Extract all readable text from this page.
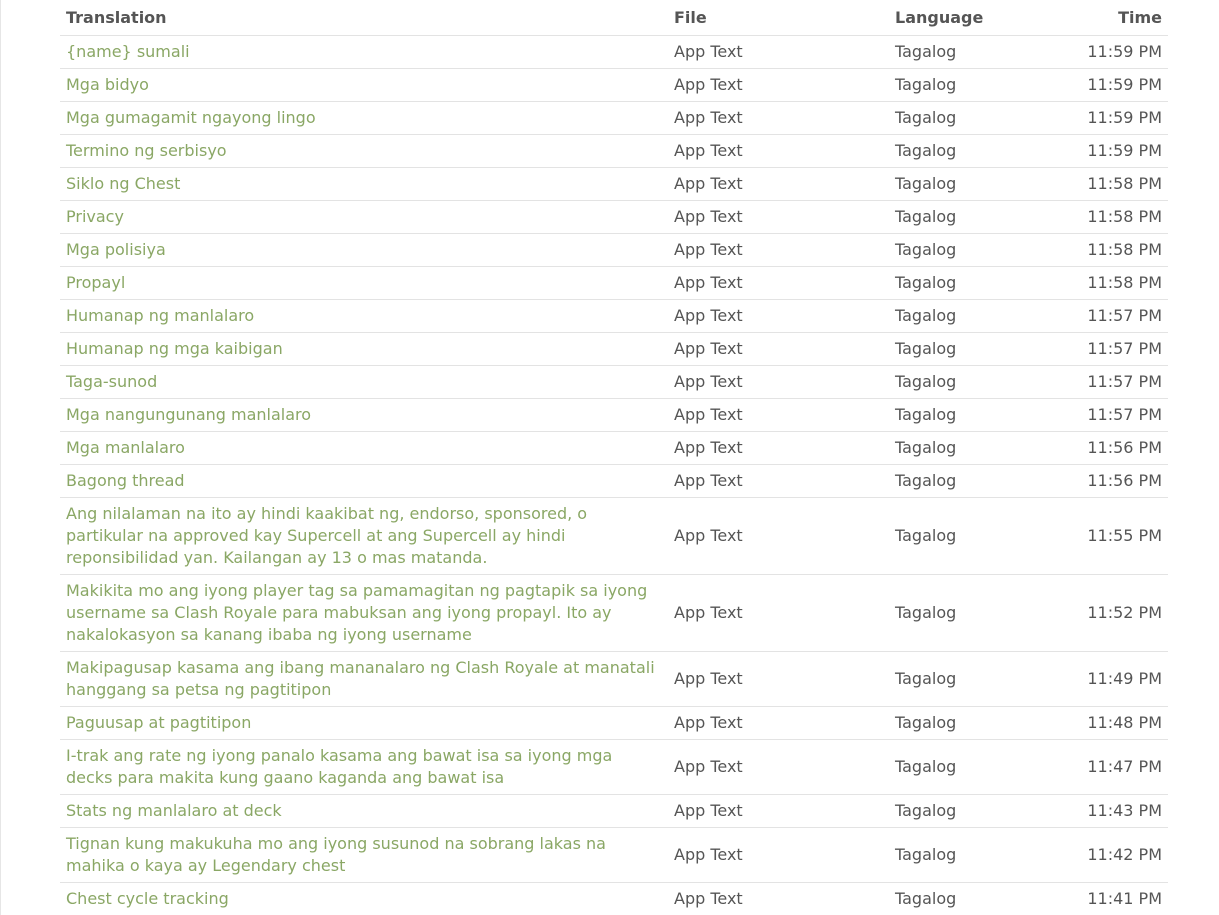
Translation	File	Language	Time
{name} sumali	App Text	Tagalog	11:59 PM
Mga bidyo	App Text	Tagalog	11:59 PM
Mga gumagamit ngayong lingo	App Text	Tagalog	11:59 PM
Termino ng serbisyo	App Text	Tagalog	11:59 PM
Siklo ng Chest	App Text	Tagalog	11:58 PM
Privacy	App Text	Tagalog	11:58 PM
Mga polisiya	App Text	Tagalog	11:58 PM
Propayl	App Text	Tagalog	11:58 PM
Humanap ng manlalaro	App Text	Tagalog	11:57 PM
Humanap ng mga kaibigan	App Text	Tagalog	11:57 PM
Taga-sunod	App Text	Tagalog	11:57 PM
Mga nangungunang manlalaro	App Text	Tagalog	11:57 PM
Mga manlalaro	App Text	Tagalog	11:56 PM
Bagong thread	App Text	Tagalog	11:56 PM
Ang nilalaman na ito ay hindi kaakibat ng, endorso, sponsored, o partikular na approved kay Supercell at ang Supercell ay hindi reponsibilidad yan. Kailangan ay 13 o mas matanda.	App Text	Tagalog	11:55 PM
Makikita mo ang iyong player tag sa pamamagitan ng pagtapik sa iyong username sa Clash Royale para mabuksan ang iyong propayl. Ito ay nakalokasyon sa kanang ibaba ng iyong username	App Text	Tagalog	11:52 PM
Makipagusap kasama ang ibang mananalaro ng Clash Royale at manatali hanggang sa petsa ng pagtitipon	App Text	Tagalog	11:49 PM
Paguusap at pagtitipon	App Text	Tagalog	11:48 PM
I-trak ang rate ng iyong panalo kasama ang bawat isa sa iyong mga decks para makita kung gaano kaganda ang bawat isa	App Text	Tagalog	11:47 PM
Stats ng manlalaro at deck	App Text	Tagalog	11:43 PM
Tignan kung makukuha mo ang iyong susunod na sobrang lakas na mahika o kaya ay Legendary chest	App Text	Tagalog	11:42 PM
Chest cycle tracking	App Text	Tagalog	11:41 PM
